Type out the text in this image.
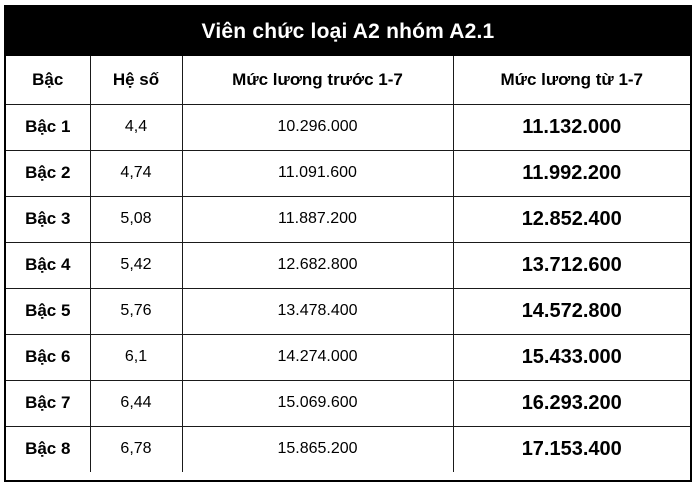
Viên chức loại A2 nhóm A2.1
Bậc	Hệ số	Mức lương trước 1-7	Mức lương từ 1-7
Bậc 1	4,4	10.296.000	11.132.000
Bậc 2	4,74	11.091.600	11.992.200
Bậc 3	5,08	11.887.200	12.852.400
Bậc 4	5,42	12.682.800	13.712.600
Bậc 5	5,76	13.478.400	14.572.800
Bậc 6	6,1	14.274.000	15.433.000
Bậc 7	6,44	15.069.600	16.293.200
Bậc 8	6,78	15.865.200	17.153.400
